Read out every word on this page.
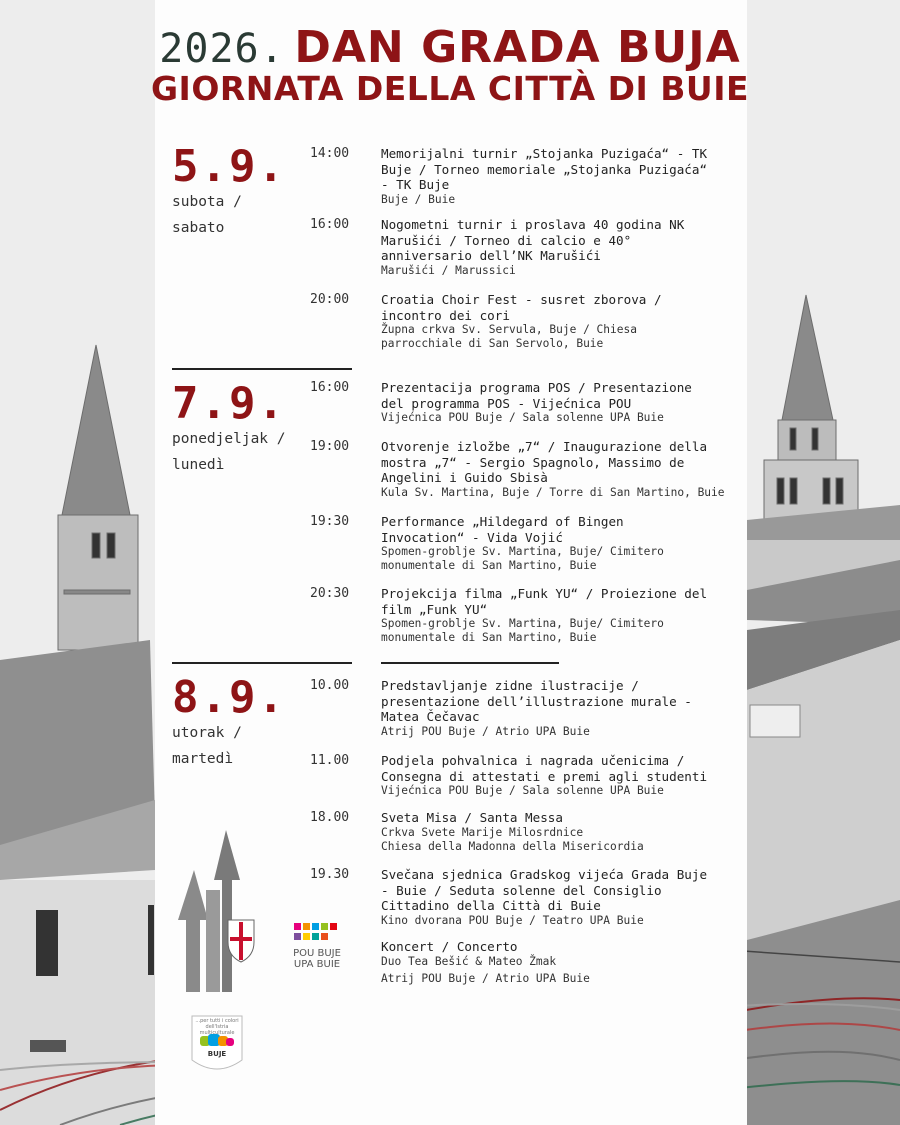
2026. DAN GRADA BUJA
GIORNATA DELLA CITTÀ DI BUIE
5.9.
subota /
sabato
14:00	Memorijalni turnir „Stojanka Puzigaća“ - TK
Buje / Torneo memoriale „Stojanka Puzigaća“
- TK Buje
Buje / Buie
16:00	Nogometni turnir i proslava 40 godina NK
Marušići / Torneo di calcio e 40°
anniversario dell’NK Marušići
Marušići / Marussici
20:00	Croatia Choir Fest - susret zborova /
incontro dei cori
Župna crkva Sv. Servula, Buje / Chiesa
parrocchiale di San Servolo, Buie
7.9.
ponedjeljak /
lunedì
16:00	Prezentacija programa POS / Presentazione
del programma POS - Vijećnica POU
Vijećnica POU Buje / Sala solenne UPA Buie
19:00	Otvorenje izložbe „7“ / Inaugurazione della
mostra „7“ - Sergio Spagnolo, Massimo de
Angelini i Guido Sbisà
Kula Sv. Martina, Buje / Torre di San Martino, Buie
19:30	Performance „Hildegard of Bingen
Invocation“ - Vida Vojić
Spomen-groblje Sv. Martina, Buje/ Cimitero
monumentale di San Martino, Buie
20:30	Projekcija filma „Funk YU“ / Proiezione del
film „Funk YU“
Spomen-groblje Sv. Martina, Buje/ Cimitero
monumentale di San Martino, Buie
8.9.
utorak /
martedì
10.00	Predstavljanje zidne ilustracije /
presentazione dell’illustrazione murale -
Matea Čečavac
Atrij POU Buje / Atrio UPA Buie
11.00	Podjela pohvalnica i nagrada učenicima /
Consegna di attestati e premi agli studenti
Vijećnica POU Buje / Sala solenne UPA Buie
18.00	Sveta Misa / Santa Messa
Crkva Svete Marije Milosrdnice
Chiesa della Madonna della Misericordia
19.30	Svečana sjednica Gradskog vijeća Grada Buje
- Buie / Seduta solenne del Consiglio
Cittadino della Città di Buie
Kino dvorana POU Buje / Teatro UPA Buie
Koncert / Concerto
Duo Tea Bešić & Mateo Žmak
Atrij POU Buje / Atrio UPA Buie
POU BUJE
UPA BUIE
...per tutti i colori dell'Istria multiculturale
BUJE
